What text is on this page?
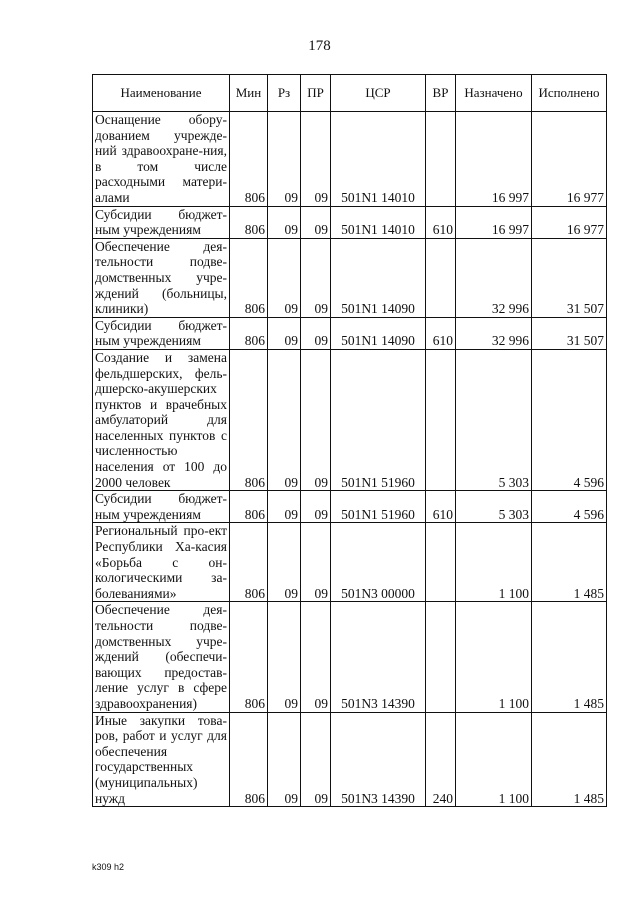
178
Наименование	Мин	Рз	ПР	ЦСР	ВР	Назначено	Исполнено
Оснащение обору-дованием учрежде-ний здравоохране-ния, в том числе расходными матери-алами	806	09	09	501N1 14010		16 997	16 977
Субсидии бюджет-ным учреждениям	806	09	09	501N1 14010	610	16 997	16 977
Обеспечение дея-тельности подве-домственных учре-ждений (больницы, клиники)	806	09	09	501N1 14090		32 996	31 507
Субсидии бюджет-ным учреждениям	806	09	09	501N1 14090	610	32 996	31 507
Создание и замена фельдшерских, фель-дшерско-акушерских пунктов и врачебных амбулаторий для населенных пунктов с численностью населения от 100 до 2000 человек	806	09	09	501N1 51960		5 303	4 596
Субсидии бюджет-ным учреждениям	806	09	09	501N1 51960	610	5 303	4 596
Региональный про-ект Республики Ха-касия «Борьба с он-кологическими за-болеваниями»	806	09	09	501N3 00000		1 100	1 485
Обеспечение дея-тельности подве-домственных учре-ждений (обеспечи-вающих предостав-ление услуг в сфере здравоохранения)	806	09	09	501N3 14390		1 100	1 485
Иные закупки това-ров, работ и услуг для обеспечения государственных (муниципальных) нужд	806	09	09	501N3 14390	240	1 100	1 485
k309 h2
